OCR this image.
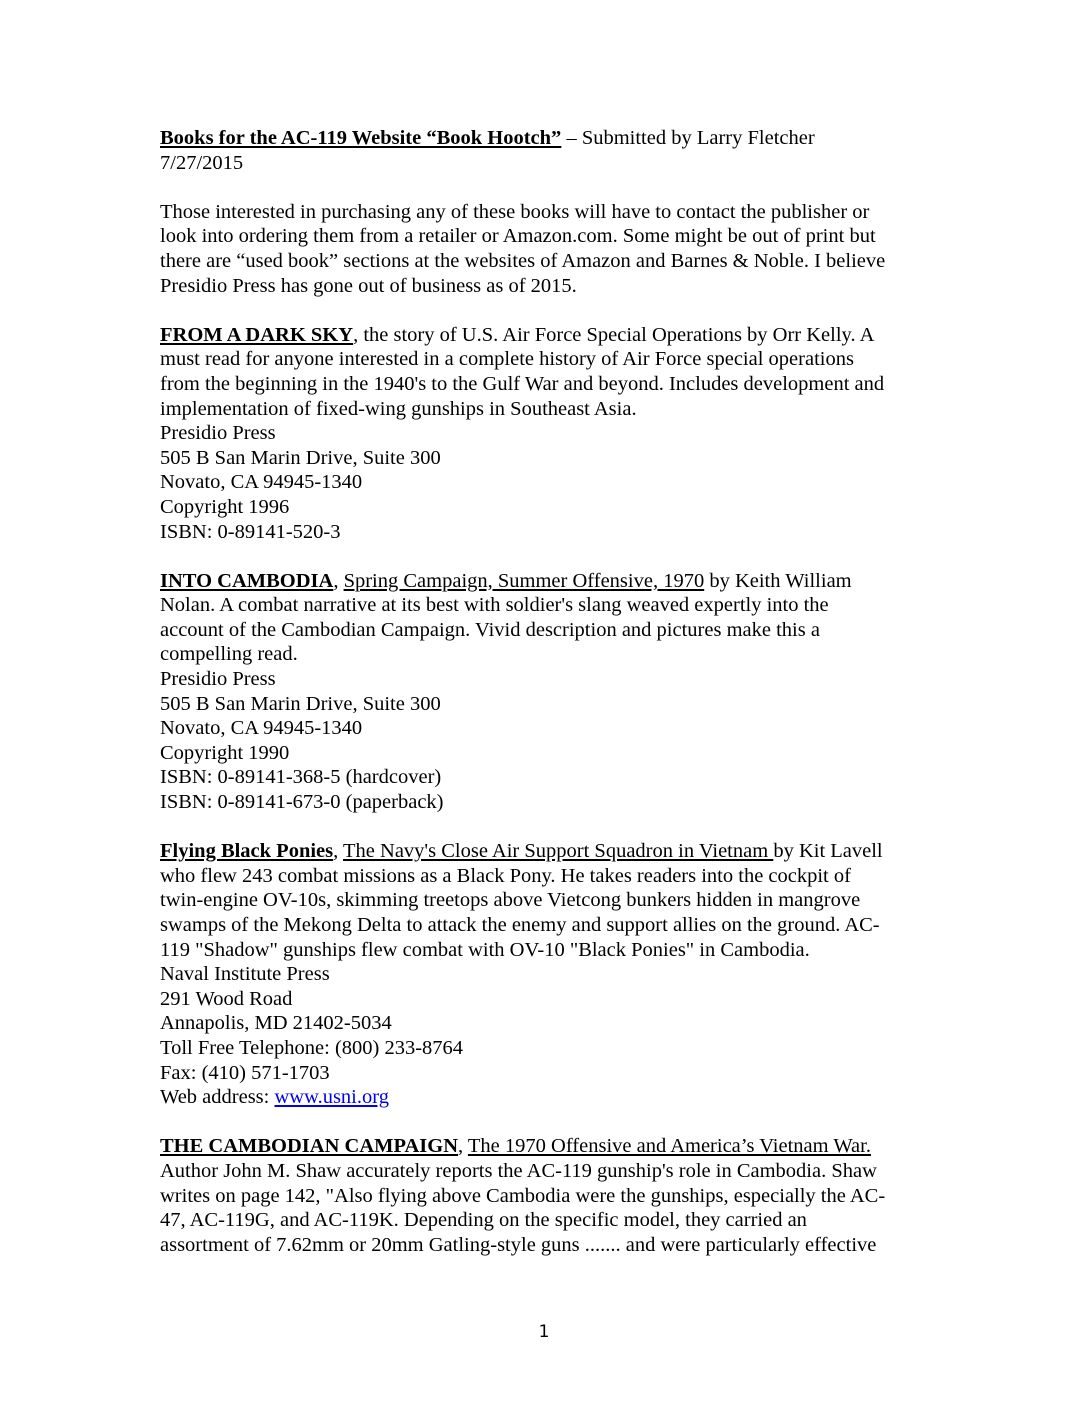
Books for the AC-119 Website “Book Hootch” – Submitted by Larry Fletcher
7/27/2015
Those interested in purchasing any of these books will have to contact the publisher or
look into ordering them from a retailer or Amazon.com. Some might be out of print but
there are “used book” sections at the websites of Amazon and Barnes & Noble. I believe
Presidio Press has gone out of business as of 2015.
FROM A DARK SKY, the story of U.S. Air Force Special Operations by Orr Kelly. A
must read for anyone interested in a complete history of Air Force special operations
from the beginning in the 1940's to the Gulf War and beyond. Includes development and
implementation of fixed-wing gunships in Southeast Asia.
Presidio Press
505 B San Marin Drive, Suite 300
Novato, CA 94945-1340
Copyright 1996
ISBN: 0-89141-520-3
INTO CAMBODIA, Spring Campaign, Summer Offensive, 1970 by Keith William
Nolan. A combat narrative at its best with soldier's slang weaved expertly into the
account of the Cambodian Campaign. Vivid description and pictures make this a
compelling read.
Presidio Press
505 B San Marin Drive, Suite 300
Novato, CA 94945-1340
Copyright 1990
ISBN: 0-89141-368-5 (hardcover)
ISBN: 0-89141-673-0 (paperback)
Flying Black Ponies, The Navy's Close Air Support Squadron in Vietnam by Kit Lavell
who flew 243 combat missions as a Black Pony. He takes readers into the cockpit of
twin-engine OV-10s, skimming treetops above Vietcong bunkers hidden in mangrove
swamps of the Mekong Delta to attack the enemy and support allies on the ground. AC-
119 "Shadow" gunships flew combat with OV-10 "Black Ponies" in Cambodia.
Naval Institute Press
291 Wood Road
Annapolis, MD 21402-5034
Toll Free Telephone: (800) 233-8764
Fax: (410) 571-1703
Web address: www.usni.org
THE CAMBODIAN CAMPAIGN, The 1970 Offensive and America’s Vietnam War.
Author John M. Shaw accurately reports the AC-119 gunship's role in Cambodia. Shaw
writes on page 142, "Also flying above Cambodia were the gunships, especially the AC-
47, AC-119G, and AC-119K. Depending on the specific model, they carried an
assortment of 7.62mm or 20mm Gatling-style guns ....... and were particularly effective
1
